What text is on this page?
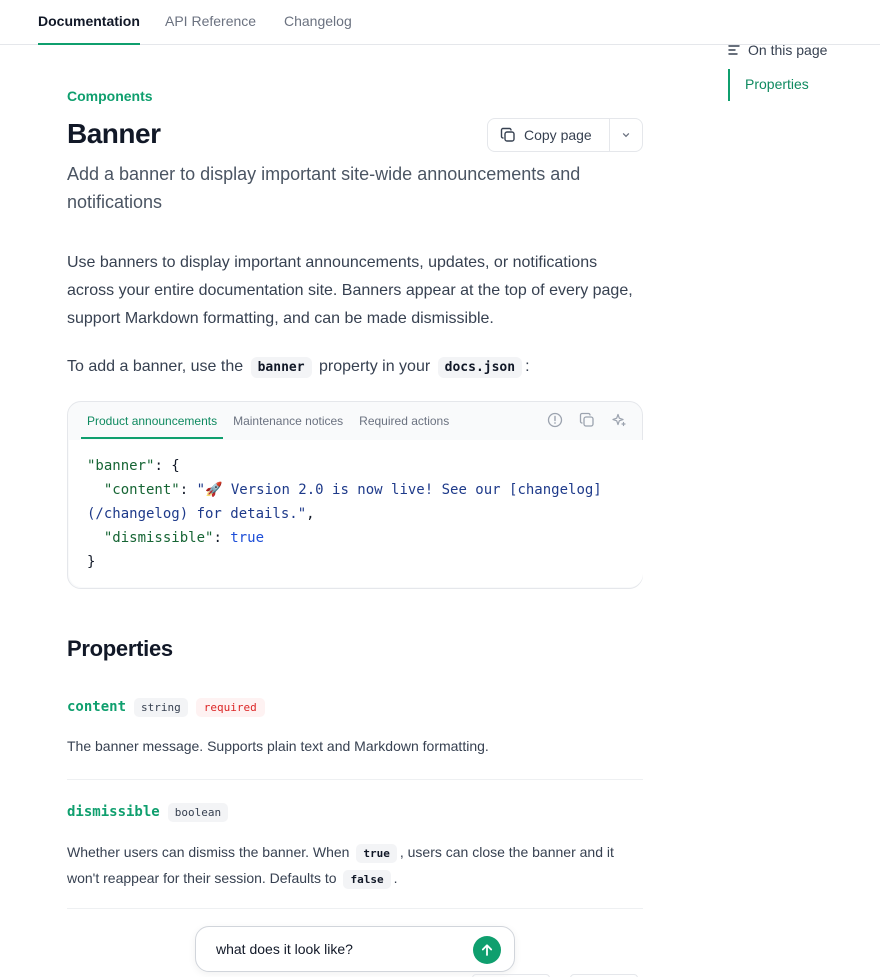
Documentation API Reference Changelog
On this page
Properties
Components
Banner	Copy page

Add a banner to display important site-wide announcements and notifications

Use banners to display important announcements, updates, or notifications across your entire documentation site. Banners appear at the top of every page, support Markdown formatting, and can be made dismissible.

To add a banner, use the banner property in your docs.json :

Product announcements	Maintenance notices	Required actions
"banner": {
"content": "🚀 Version 2.0 is now live! See our [changelog]
(/changelog) for details.",
"dismissible": true
}
Properties
content	string	required
The banner message. Supports plain text and Markdown formatting.
dismissible	boolean
Whether users can dismiss the banner. When true , users can close the banner and it won't reappear for their session. Defaults to false .
what does it look like?
